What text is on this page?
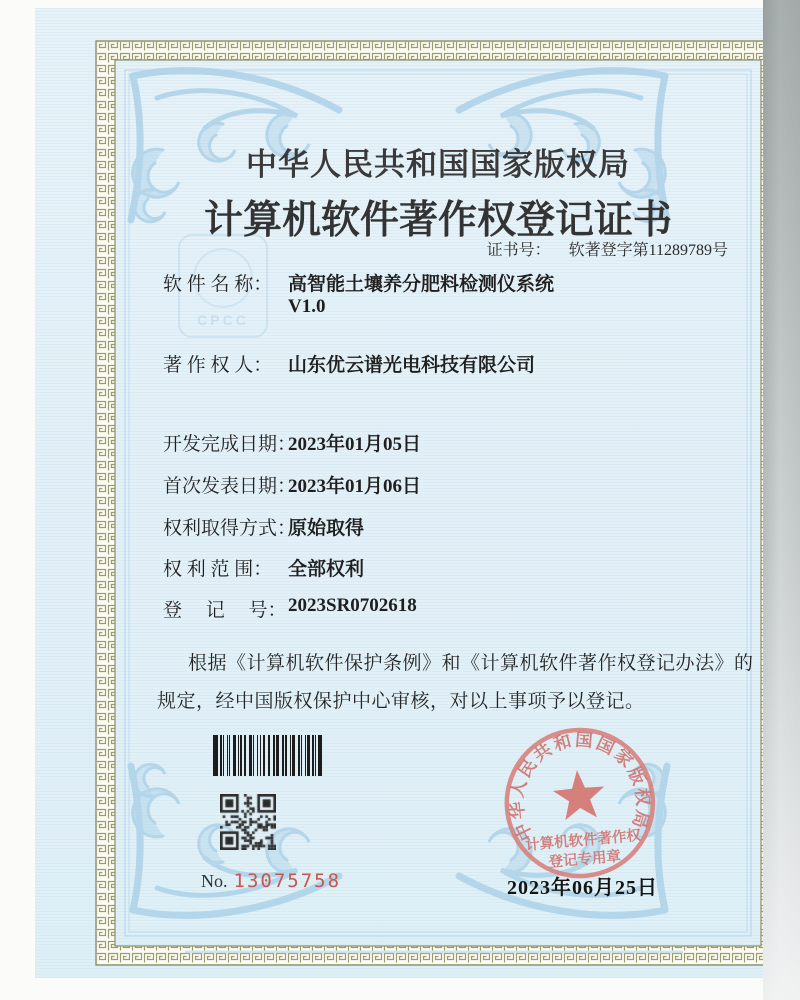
CPCC
中华人民共和国国家版权局
计算机软件著作权登记证书
证书号： 软著登字第11289789号
软 件 名 称： 高智能土壤养分肥料检测仪系统
V1.0
著 作 权 人： 山东优云谱光电科技有限公司
开发完成日期：
2023年01月05日
首次发表日期：
2023年01月06日
权利取得方式：
原始取得
权 利 范 围： 全部权利
登　 记　 号： 2023SR0702618
根据《计算机软件保护条例》和《计算机软件著作权登记办法》的
规定，经中国版权保护中心审核，对以上事项予以登记。
No. 13075758
中华人民共和国国家版权局
计算机软件著作权
登记专用章
2023年06月25日
